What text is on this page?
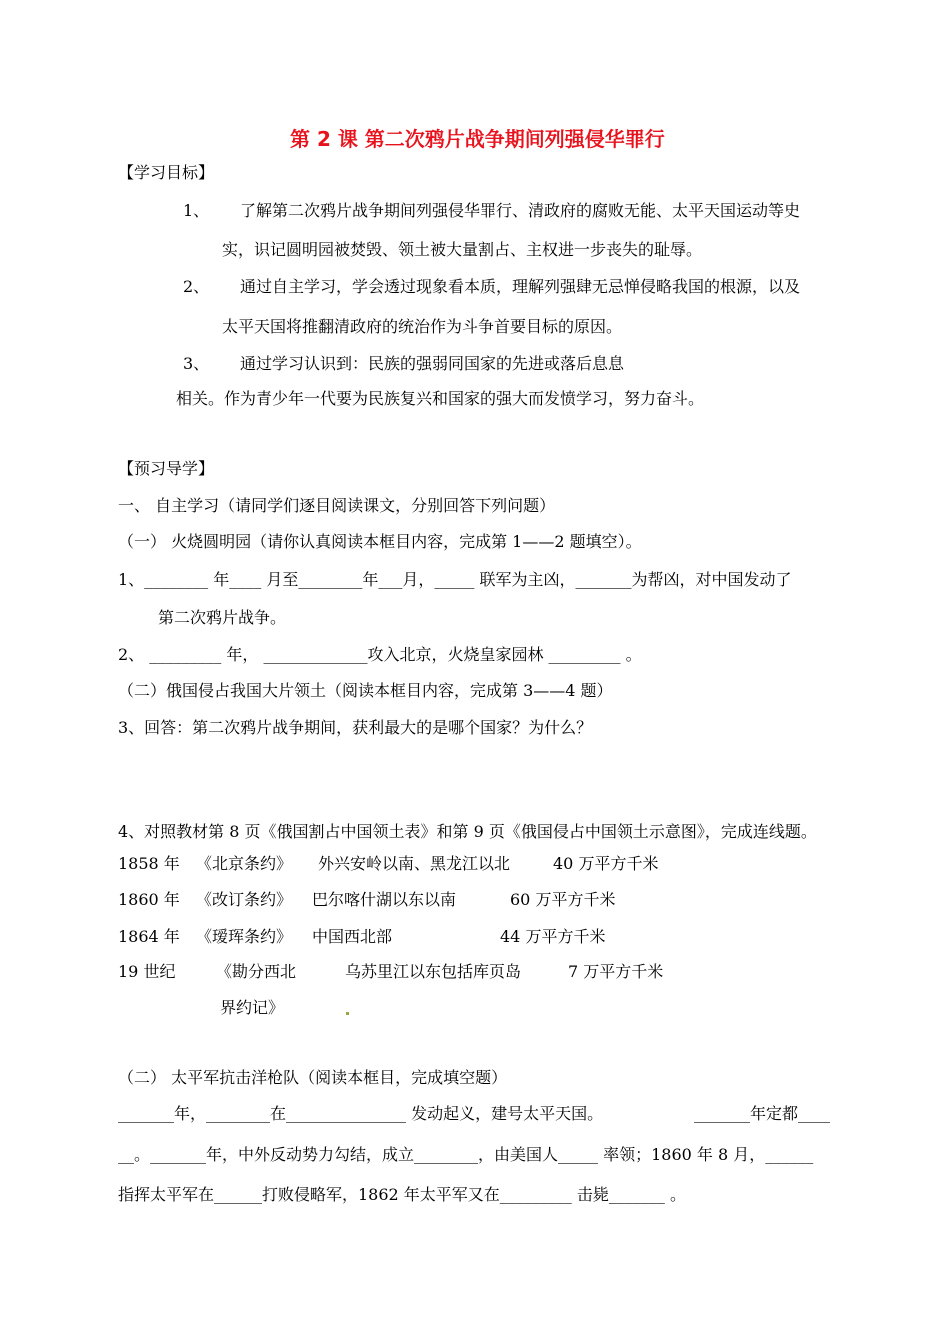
第 2 课 第二次鸦片战争期间列强侵华罪行
【学习目标】
1、 了解第二次鸦片战争期间列强侵华罪行、清政府的腐败无能、太平天国运动等史
实，识记圆明园被焚毁、领土被大量割占、主权进一步丧失的耻辱。
2、 通过自主学习，学会透过现象看本质，理解列强肆无忌惮侵略我国的根源，以及
太平天国将推翻清政府的统治作为斗争首要目标的原因。
3、 通过学习认识到：民族的强弱同国家的先进或落后息息
相关。作为青少年一代要为民族复兴和国家的强大而发愤学习，努力奋斗。
【预习导学】
一、 自主学习（请同学们逐目阅读课文，分别回答下列问题）
（一） 火烧圆明园（请你认真阅读本框目内容，完成第 1——2 题填空）。
1、________ 年____ 月至________年___月，_____ 联军为主凶，_______为帮凶，对中国发动了
第二次鸦片战争。
2、 _________ 年， _____________攻入北京，火烧皇家园林 _________ 。
（二）俄国侵占我国大片领土（阅读本框目内容，完成第 3——4 题）
3、回答：第二次鸦片战争期间，获利最大的是哪个国家？为什么？
4、对照教材第 8 页《俄国割占中国领土表》和第 9 页《俄国侵占中国领土示意图》，完成连线题。
1858 年 《北京条约》 外兴安岭以南、黑龙江以北	40 万平方千米
1860 年 《改订条约》 巴尔喀什湖以东以南	60 万平方千米
1864 年 《瑷珲条约》 中国西北部	44 万平方千米
19 世纪	《勘分西北	乌苏里江以东包括库页岛	7 万平方千米
界约记》
（二） 太平军抗击洋枪队（阅读本框目，完成填空题）
_______年，________在_______________ 发动起义，建号太平天国。	_______年定都____
__。_______年，中外反动势力勾结，成立________，由美国人_____ 率领；1860 年 8 月，______
指挥太平军在______打败侵略军，1862 年太平军又在_________ 击毙_______ 。
